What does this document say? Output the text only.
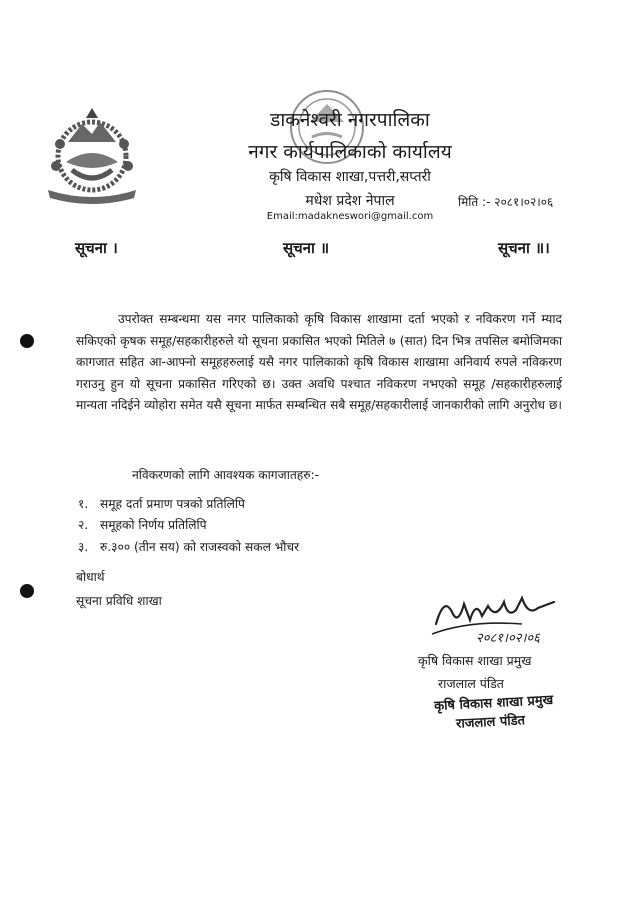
डाकनेश्वरी नगरपालिका
नगर कार्यपालिकाको कार्यालय
कृषि विकास शाखा,पत्तरी,सप्तरी
मधेश प्रदेश नेपाल
Email:madakneswori@gmail.com
मिति :- २०८१।०२।०६
सूचना ।	सूचना ॥	सूचना ॥।
उपरोक्त सम्बन्धमा यस नगर पालिकाको कृषि विकास शाखामा दर्ता भएको र नविकरण गर्ने म्याद सकिएको कृषक समूह/सहकारीहरुले यो सूचना प्रकासित भएको मितिले ७ (सात) दिन भित्र तपसिल बमोजिमका कागजात सहित आ-आफ्नो समूहहरुलाई यसै नगर पालिकाको कृषि विकास शाखामा अनिवार्य रुपले नविकरण गराउनु हुन यो सूचना प्रकासित गरिएको छ। उक्त अवधि पश्चात नविकरण नभएको समूह /सहकारीहरुलाई मान्यता नदिईने व्योहोरा समेत यसै सूचना मार्फत सम्बन्धित सबै समूह/सहकारीलाई जानकारीको लागि अनुरोध छ।
नविकरणको लागि आवश्यक कागजातहरु:-
१. समूह दर्ता प्रमाण पत्रको प्रतिलिपि
२. समूहको निर्णय प्रतिलिपि
३. रु.३०० (तीन सय) को राजस्वको सकल भौचर
बोधार्थ
सूचना प्रविधि शाखा
२०८१।०२।०६
कृषि विकास शाखा प्रमुख
राजलाल पंडित
कृषि विकास शाखा प्रमुख
राजलाल पंडित
